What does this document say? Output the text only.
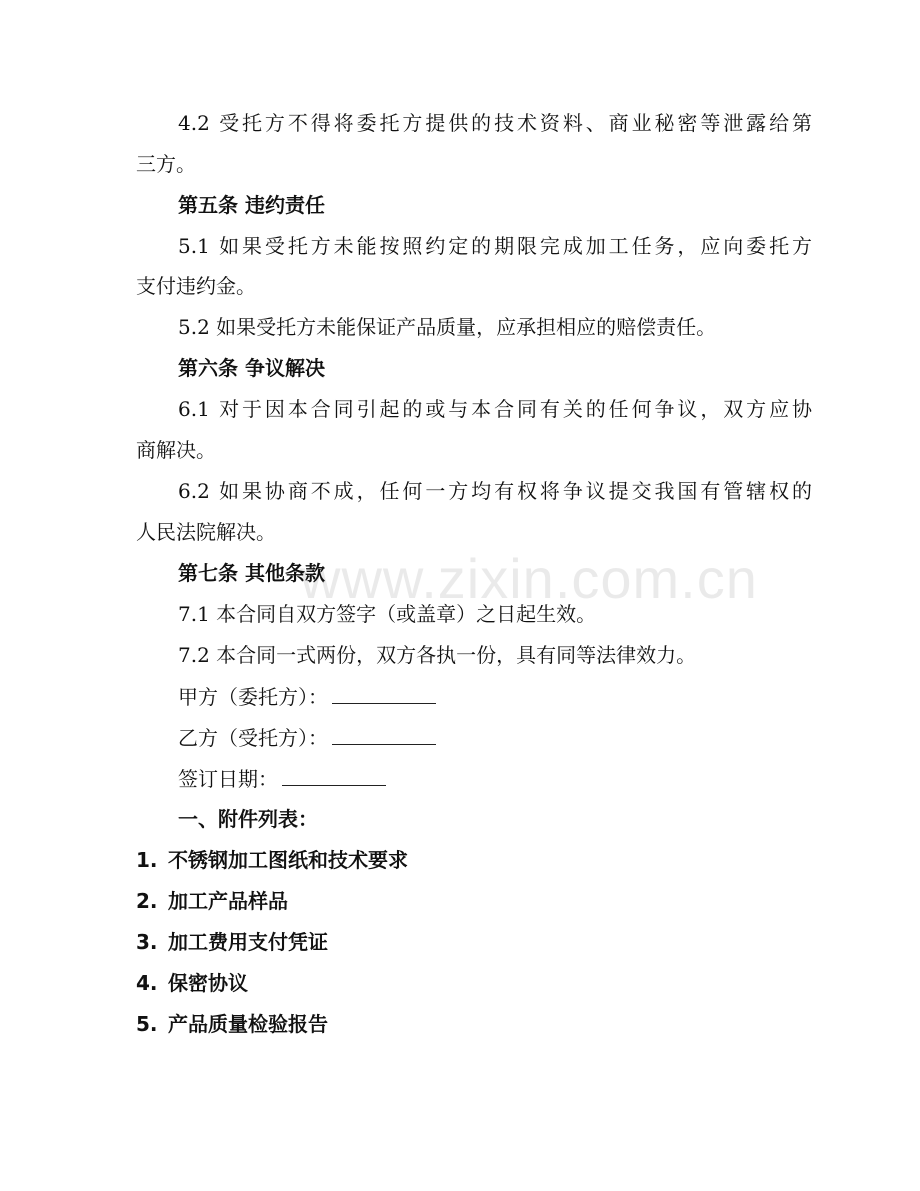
www.zixin.com.cn
4.2 受托方不得将委托方提供的技术资料、商业秘密等泄露给第
三方。
第五条 违约责任
5.1 如果受托方未能按照约定的期限完成加工任务，应向委托方
支付违约金。
5.2 如果受托方未能保证产品质量，应承担相应的赔偿责任。
第六条 争议解决
6.1 对于因本合同引起的或与本合同有关的任何争议，双方应协
商解决。
6.2 如果协商不成，任何一方均有权将争议提交我国有管辖权的
人民法院解决。
第七条 其他条款
7.1 本合同自双方签字（或盖章）之日起生效。
7.2 本合同一式两份，双方各执一份，具有同等法律效力。
甲方（委托方）：
乙方（受托方）：
签订日期：
一、附件列表：
1. 不锈钢加工图纸和技术要求
2. 加工产品样品
3. 加工费用支付凭证
4. 保密协议
5. 产品质量检验报告
